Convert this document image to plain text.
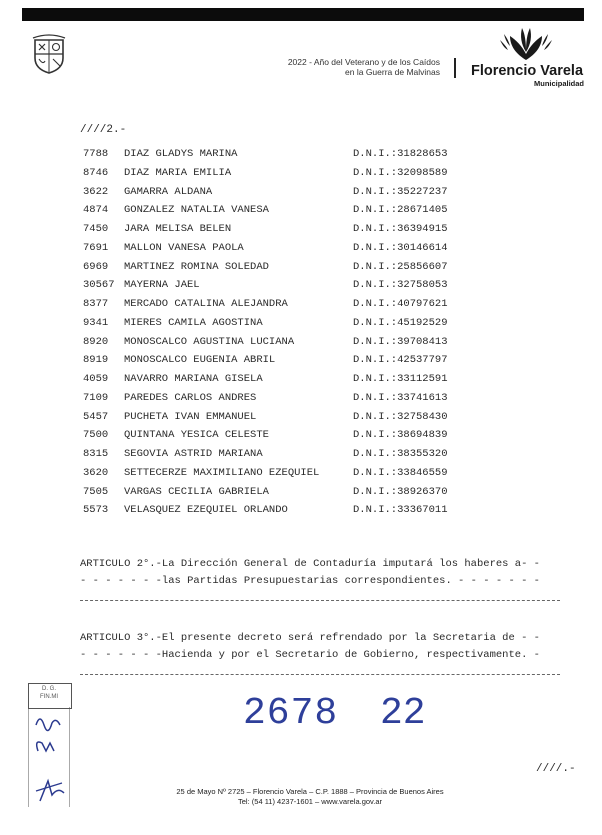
2022 - Año del Veterano y de los Caídos
en la Guerra de Malvinas Florencio Varela
Municipalidad
////2.-
7788 DIAZ GLADYS MARINA	D.N.I.:31828653
8746 DIAZ MARIA EMILIA	D.N.I.:32098589
3622 GAMARRA ALDANA	D.N.I.:35227237
4874 GONZALEZ NATALIA VANESA	D.N.I.:28671405
7450 JARA MELISA BELEN	D.N.I.:36394915
7691 MALLON VANESA PAOLA	D.N.I.:30146614
6969 MARTINEZ ROMINA SOLEDAD	D.N.I.:25856607
30567 MAYERNA JAEL	D.N.I.:32758053
8377 MERCADO CATALINA ALEJANDRA	D.N.I.:40797621
9341 MIERES CAMILA AGOSTINA	D.N.I.:45192529
8920 MONOSCALCO AGUSTINA LUCIANA	D.N.I.:39708413
8919 MONOSCALCO EUGENIA ABRIL	D.N.I.:42537797
4059 NAVARRO MARIANA GISELA	D.N.I.:33112591
7109 PAREDES CARLOS ANDRES	D.N.I.:33741613
5457 PUCHETA IVAN EMMANUEL	D.N.I.:32758430
7500 QUINTANA YESICA CELESTE	D.N.I.:38694839
8315 SEGOVIA ASTRID MARIANA	D.N.I.:38355320
3620 SETTECERZE MAXIMILIANO EZEQUIEL	D.N.I.:33846559
7505 VARGAS CECILIA GABRIELA	D.N.I.:38926370
5573 VELASQUEZ EZEQUIEL ORLANDO	D.N.I.:33367011
ARTICULO 2°.-La Dirección General de Contaduría imputará los haberes a- -
- - - - - - -las Partidas Presupuestarias correspondientes. - - - - - - -
ARTICULO 3°.-El presente decreto será refrendado por la Secretaria de - -
- - - - - - -Hacienda y por el Secretario de Gobierno, respectivamente. -
D. G.
FIN.MI	2678 22
////.-
25 de Mayo Nº 2725 – Florencio Varela – C.P. 1888 – Provincia de Buenos Aires
Tel: (54 11) 4237-1601 – www.varela.gov.ar
